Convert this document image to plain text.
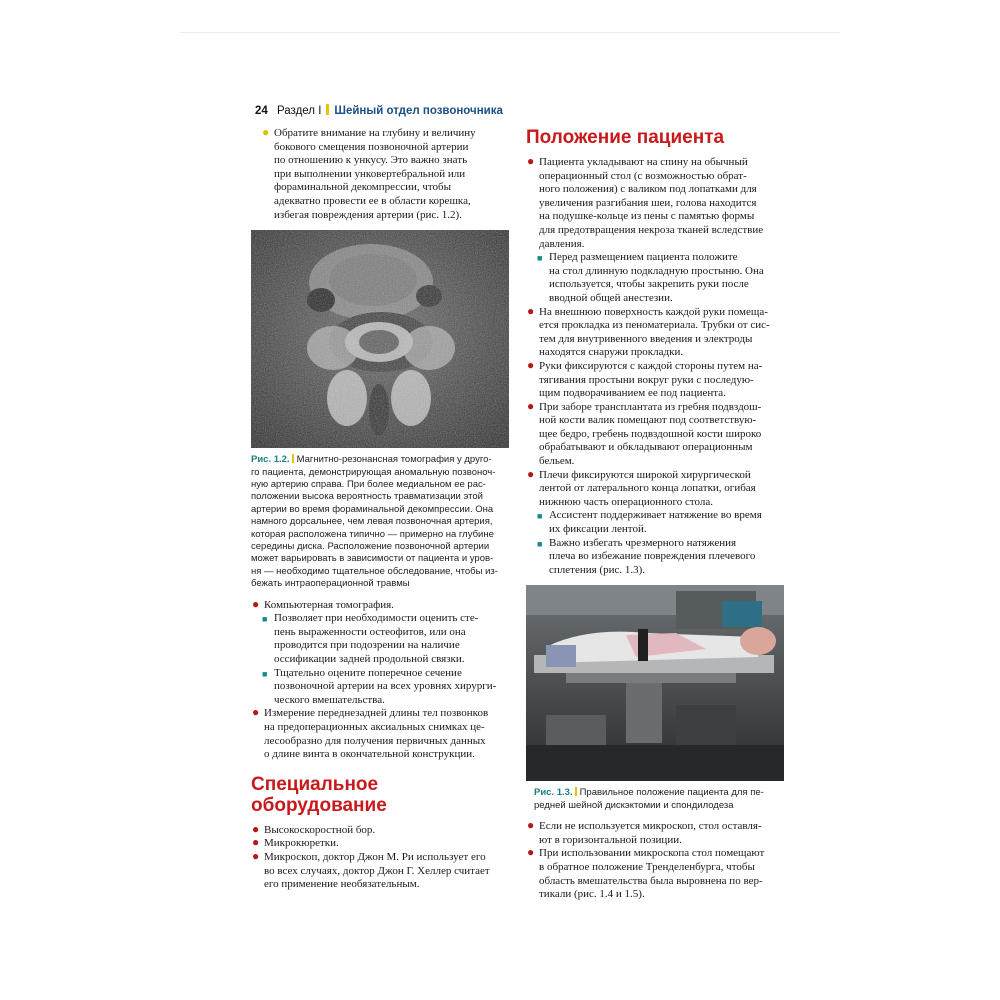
24 Раздел I Шейный отдел позвоночника
● Обратите внимание на глубину и величину
бокового смещения позвоночной артерии
по отношению к ункусу. Это важно знать
при выполнении унковертебральной или
фораминальной декомпрессии, чтобы
адекватно провести ее в области корешка,
избегая повреждения артерии (рис. 1.2).

Рис. 1.2. Магнитно-резонансная томография у друго-
го пациента, демонстрирующая аномальную позвоноч-
ную артерию справа. При более медиальном ее рас-
положении высока вероятность травматизации этой
артерии во время фораминальной декомпрессии. Она
намного дорсальнее, чем левая позвоночная артерия,
которая расположена типично — примерно на глубине
середины диска. Расположение позвоночной артерии
может варьировать в зависимости от пациента и уров-
ня — необходимо тщательное обследование, чтобы из-
бежать интраоперационной травмы

● Компьютерная томография.
■ Позволяет при необходимости оценить сте-
пень выраженности остеофитов, или она
проводится при подозрении на наличие
оссификации задней продольной связки.
■ Тщательно оцените поперечное сечение
позвоночной артерии на всех уровнях хирурги-
ческого вмешательства.
● Измерение переднезадней длины тел позвонков
на предоперационных аксиальных снимках це-
лесообразно для получения первичных данных
о длине винта в окончательной конструкции.
Специальное
оборудование
● Высокоскоростной бор.
● Микрокюретки.
● Микроскоп, доктор Джон М. Ри использует его
во всех случаях, доктор Джон Г. Хеллер считает
его применение необязательным.
Положение пациента
● Пациента укладывают на спину на обычный
операционный стол (с возможностью обрат-
ного положения) с валиком под лопатками для
увеличения разгибания шеи, голова находится
на подушке-кольце из пены с памятью формы
для предотвращения некроза тканей вследствие
давления.
■ Перед размещением пациента положите
на стол длинную подкладную простыню. Она
используется, чтобы закрепить руки после
вводной общей анестезии.
● На внешнюю поверхность каждой руки помеща-
ется прокладка из пеноматериала. Трубки от сис-
тем для внутривенного введения и электроды
находятся снаружи прокладки.
● Руки фиксируются с каждой стороны путем на-
тягивания простыни вокруг руки с последую-
щим подворачиванием ее под пациента.
● При заборе трансплантата из гребня подвздош-
ной кости валик помещают под соответствую-
щее бедро, гребень подвздошной кости широко
обрабатывают и обкладывают операционным
бельем.
● Плечи фиксируются широкой хирургической
лентой от латерального конца лопатки, огибая
нижнюю часть операционного стола.
■ Ассистент поддерживает натяжение во время
их фиксации лентой.
■ Важно избегать чрезмерного натяжения
плеча во избежание повреждения плечевого
сплетения (рис. 1.3).

Рис. 1.3. Правильное положение пациента для пе-
редней шейной дискэктомии и спондилодеза

● Если не используется микроскоп, стол оставля-
ют в горизонтальной позиции.
● При использовании микроскопа стол помещают
в обратное положение Тренделенбурга, чтобы
область вмешательства была выровнена по вер-
тикали (рис. 1.4 и 1.5).
